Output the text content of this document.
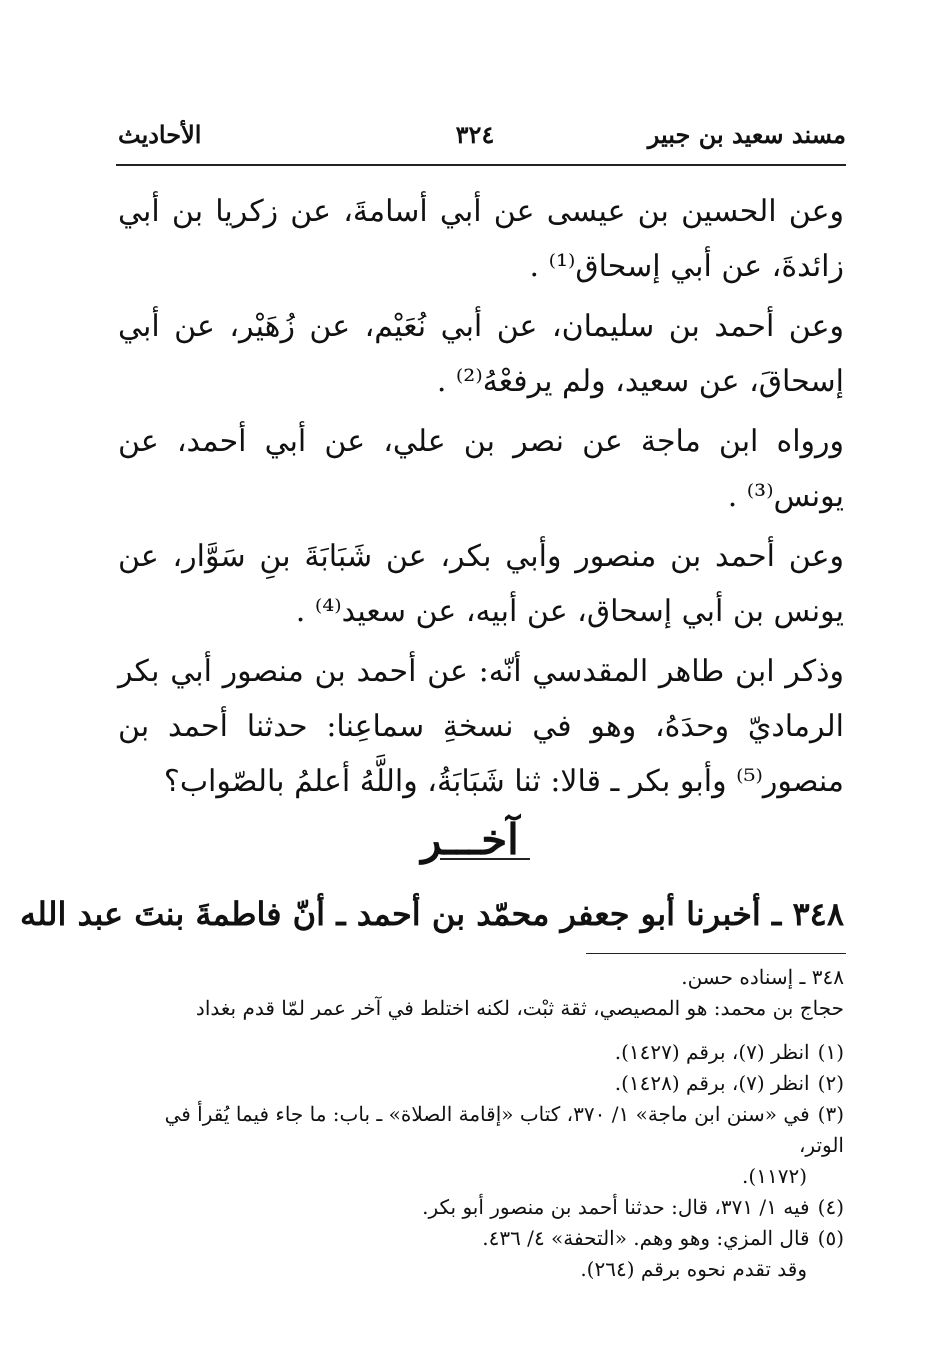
مسند سعيد بن جبير
٣٢٤
الأحاديث

وعن الحسين بن عيسى عن أبي أسامةَ، عن زكريا بن أبي زائدةَ، عن أبي إسحاق⁽¹⁾ .

وعن أحمد بن سليمان، عن أبي نُعَيْم، عن زُهَيْر، عن أبي إسحاقَ، عن سعيد، ولم يرفعْهُ⁽²⁾ .

ورواه ابن ماجة عن نصر بن علي، عن أبي أحمد، عن يونس⁽³⁾ .

وعن أحمد بن منصور وأبي بكر، عن شَبَابَةَ بنِ سَوَّار، عن يونس بن أبي إسحاق، عن أبيه، عن سعيد⁽⁴⁾ .

وذكر ابن طاهر المقدسي أنّه: عن أحمد بن منصور أبي بكر الرماديّ وحدَهُ، وهو في نسخةِ سماعِنا: حدثنا أحمد بن منصور⁽⁵⁾ وأبو بكر ـ قالا: ثنا شَبَابَةُ، واللَّهُ أعلمُ بالصّواب؟

آخـــر
٣٤٨ ـ أخبرنا أبو جعفر محمّد بن أحمد ـ أنّ فاطمةَ بنتَ عبد الله

٣٤٨ ـ إسناده حسن.

حجاج بن محمد: هو المصيصي، ثقة ثبْت، لكنه اختلط في آخر عمر لمّا قدم بغداد

(١)انظر (٧)، برقم (١٤٢٧).

(٢)انظر (٧)، برقم (١٤٢٨).

(٣)في «سنن ابن ماجة» ١/ ٣٧٠، كتاب «إقامة الصلاة» ـ باب: ما جاء فيما يُقرأ في الوتر،

(١١٧٢).

(٤)فيه ١/ ٣٧١، قال: حدثنا أحمد بن منصور أبو بكر.

(٥)قال المزي: وهو وهم. «التحفة» ٤/ ٤٣٦.

وقد تقدم نحوه برقم (٢٦٤).
